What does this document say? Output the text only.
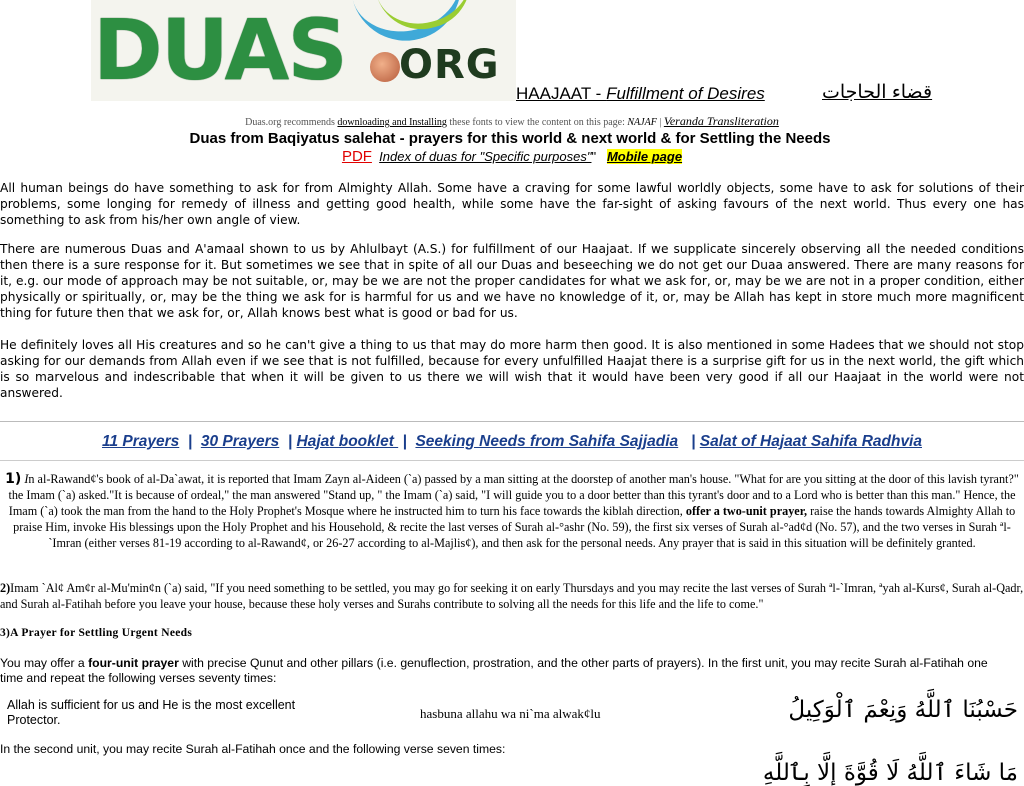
DUAS ORG
HAAJAAT - Fulfillment of Desires	قضاء الحاجات
Duas.org recommends downloading and Installing these fonts to view the content on this page: NAJAF | Veranda Transliteration
Duas from Baqiyatus salehat - prayers for this world & next world & for Settling the Needs
PDF Index of duas for "Specific purposes"" Mobile page
All human beings do have something to ask for from Almighty Allah. Some have a craving for some lawful worldly objects, some have to ask for solutions of their problems, some longing for remedy of illness and getting good health, while some have the far-sight of asking favours of the next world. Thus every one has something to ask from his/her own angle of view.
There are numerous Duas and A'amaal shown to us by Ahlulbayt (A.S.) for fulfillment of our Haajaat. If we supplicate sincerely observing all the needed conditions then there is a sure response for it. But sometimes we see that in spite of all our Duas and beseeching we do not get our Duaa answered. There are many reasons for it, e.g. our mode of approach may be not suitable, or, may be we are not the proper candidates for what we ask for, or, may be we are not in a proper condition, either physically or spiritually, or, may be the thing we ask for is harmful for us and we have no knowledge of it, or, may be Allah has kept in store much more magnificent thing for future then that we ask for, or, Allah knows best what is good or bad for us.
He definitely loves all His creatures and so he can't give a thing to us that may do more harm then good. It is also mentioned in some Hadees that we should not stop asking for our demands from Allah even if we see that is not fulfilled, because for every unfulfilled Haajat there is a surprise gift for us in the next world, the gift which is so marvelous and indescribable that when it will be given to us there we will wish that it would have been very good if all our Haajaat in the world were not answered.
11 Prayers  |  30 Prayers  | Hajat booklet  |  Seeking Needs from Sahifa Sajjadia   | Salat of Hajaat Sahifa Radhvia
1) In al-Rawand¢'s book of al-Da`awat, it is reported that Imam Zayn al-Aideen (`a) passed by a man sitting at the doorstep of another man's house. "What for are you sitting at the door of this lavish tyrant?" the Imam (`a) asked."It is because of ordeal," the man answered "Stand up, " the Imam (`a) said, "I will guide you to a door better than this tyrant's door and to a Lord who is better than this man." Hence, the Imam (`a) took the man from the hand to the Holy Prophet's Mosque where he instructed him to turn his face towards the kiblah direction, offer a two-unit prayer, raise the hands towards Almighty Allah to praise Him, invoke His blessings upon the Holy Prophet and his Household, & recite the last verses of Surah al-°ashr (No. 59), the first six verses of Surah al-°ad¢d (No. 57), and the two verses in Surah ªl-`Imran (either verses 81-19 according to al-Rawand¢, or 26-27 according to al-Majlis¢), and then ask for the personal needs. Any prayer that is said in this situation will be definitely granted.
2)Imam `Al¢ Am¢r al-Mu'min¢n (`a) said, "If you need something to be settled, you may go for seeking it on early Thursdays and you may recite the last verses of Surah ªl-`Imran, ªyah al-Kurs¢, Surah al-Qadr, and Surah al-Fatihah before you leave your house, because these holy verses and Surahs contribute to solving all the needs for this life and the life to come."
3)A Prayer for Settling Urgent Needs
You may offer a four-unit prayer with precise Qunut and other pillars (i.e. genuflection, prostration, and the other parts of prayers). In the first unit, you may recite Surah al-Fatihah one time and repeat the following verses seventy times:
Allah is sufficient for us and He is the most excellent Protector.	hasbuna allahu wa ni`ma alwak¢lu	حَسْبُنَا ٱللَّهُ وَنِعْمَ ٱلْوَكِيلُ
In the second unit, you may recite Surah al-Fatihah once and the following verse seven times:
مَا شَاءَ ٱللَّهُ لَا قُوَّةَ إِلَّا بِٱللَّهِ
